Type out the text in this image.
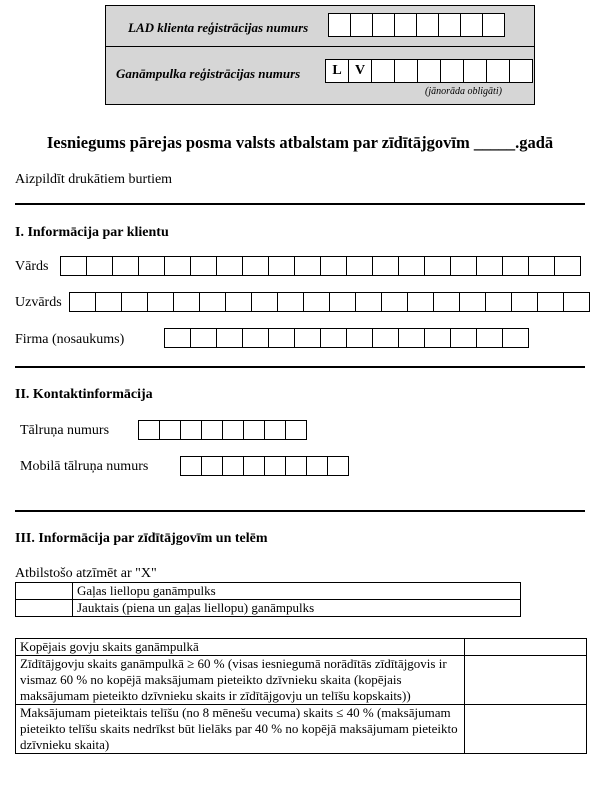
LAD klienta reģistrācijas numurs
Ganāmpulka reģistrācijas numurs	L V
(jānorāda obligāti)
Iesniegums pārejas posma valsts atbalstam par zīdītājgovīm _____.gadā
Aizpildīt drukātiem burtiem
I. Informācija par klientu
Vārds
Uzvārds
Firma (nosaukums)
II. Kontaktinformācija
Tālruņa numurs
Mobilā tālruņa numurs
III. Informācija par zīdītājgovīm un telēm
Atbilstošo atzīmēt ar "X"
	Gaļas liellopu ganāmpulks
	Jauktais (piena un gaļas liellopu) ganāmpulks
Kopējais govju skaits ganāmpulkā	
Zīdītājgovju skaits ganāmpulkā ≥ 60 % (visas iesniegumā norādītās zīdītājgovis ir vismaz 60 % no kopējā maksājumam pieteikto dzīvnieku skaita (kopējais maksājumam pieteikto dzīvnieku skaits ir zīdītājgovju un telīšu kopskaits))	
Maksājumam pieteiktais telīšu (no 8 mēnešu vecuma) skaits ≤ 40 % (maksājumam pieteikto telīšu skaits nedrīkst būt lielāks par 40 % no kopējā maksājumam pieteikto dzīvnieku skaita)	
